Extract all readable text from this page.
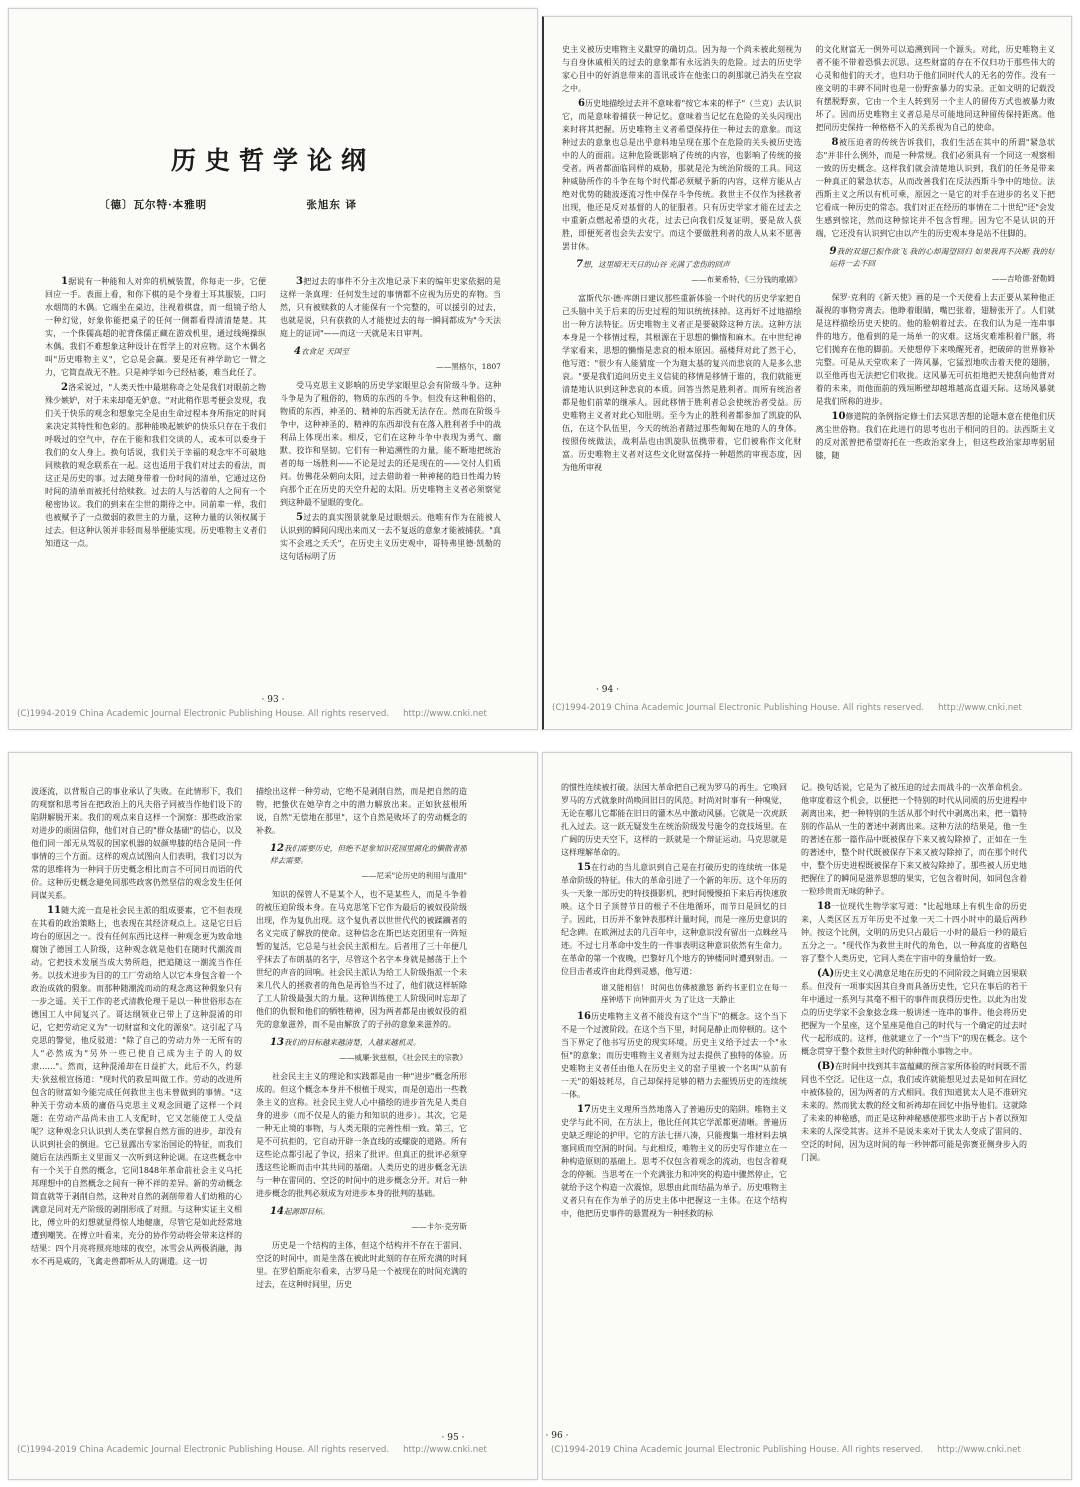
历史哲学论纲
〔德〕瓦尔特·本雅明	张旭东 译

1据说有一种能和人对弈的机械装置，你每走一步，它便回应一手。表面上看，和你下棋的是个身着土耳其服装，口叼水烟筒的木偶。它端坐在桌边，注视着棋盘，而一组镜子给人一种幻觉，好象你能把桌子的任何一侧都看得清清楚楚。其实，一个侏儒高超的驼背侏儒正藏在游戏机里，通过线绳操纵木偶。我们不难想象这种设计在哲学上的对应物。这个木偶名叫"历史唯物主义"，它总是会赢。要是还有神学助它一臂之力，它简直战无不胜。只是神学如今已经枯萎，难当此任了。

2洛采说过，"人类天性中最堪称奇之处是我们对眼前之物殊少嫉妒，对于未来却毫无妒意。"对此稍作思考便会发现，我们关于快乐的观念和想象完全是由生命过程本身所指定的时间来决定其特性和色彩的。那种能唤起嫉妒的快乐只存在于我们呼吸过的空气中，存在于能和我们交谈的人，或本可以委身于我们的女人身上。换句话说，我们关于幸福的观念牢不可破地同赎救的观念联系在一起。这也适用于我们对过去的看法，而这正是历史的事。过去随身带着一份时间的清单，它通过这份时间的清单而被托付给赎救。过去的人与活着的人之间有一个秘密协议。我们的到来在尘世的期待之中。同前辈一样，我们也被赋予了一点微弱的救世主的力量，这种力量的认领权属于过去。但这种认领并非轻而易举便能实现。历史唯物主义者们知道这一点。

3把过去的事件不分主次地记录下来的编年史家依据的是这样一条真理：任何发生过的事情都不应视为历史的弃物。当然，只有被赎救的人才能保有一个完整的，可以援引的过去，也就是说，只有获救的人才能使过去的每一瞬间都成为"今天法庭上的证词"——而这一天就是末日审判。

4衣食足 天国至

——黑格尔，1807

受马克思主义影响的历史学家眼里总会有阶级斗争。这种斗争是为了粗俗的，物质的东西的斗争。但没有这种粗俗的，物质的东西，神圣的、精神的东西就无法存在。然而在阶级斗争中，这种神圣的、精神的东西却没有在落入胜利者手中的战利品上体现出来。相反，它们在这种斗争中表现为勇气、幽默、狡诈和坚韧。它们有一种追溯性的力量，能不断地把统治者的每一场胜利——不论是过去的还是现在的——交付人们质问。仿佛花朵朝向太阳，过去借助着一种神秘的趋日性竭力转向那个正在历史的天空升起的太阳。历史唯物主义者必须察觉到这种最不显眼的变化。

5过去的真实图景就象是过眼烟云。他唯有作为在能被人认识到的瞬间闪现出来而又一去不复返的意象才能被捕获。"真实不会逃之夭夭"，在历史主义历史观中，哥特弗里德·凯勒的这句话标明了历

· 93 ·
(C)1994-2019 China Academic Journal Electronic Publishing House. All rights reserved. http://www.cnki.net

史主义被历史唯物主义戳穿的确切点。因为每一个尚未被此刻视为与自身休戚相关的过去的意象都有永远消失的危险。过去的历史学家心目中的好消息带来的喜讯或许在他张口的刹那就已消失在空寂之中。

6历史地描绘过去并不意味着"按它本来的样子"（兰克）去认识它，而是意味着捕获一种记忆。意味着当记忆在危险的关头闪现出来时将其把握。历史唯物主义者希望保持住一种过去的意象。而这种过去的意象也总是出乎意料地呈现在那个在危险的关头被历史选中的人的面前。这种危险既影响了传统的内容，也影响了传统的接受者。两者都面临同样的威胁，那就是沦为统治阶级的工具。同这种威胁所作的斗争在每个时代都必须赋予新的内容，这样方能从占绝对优势的随波逐流习性中保存斗争传统。救世主不仅作为拯救者出现，他还是反对基督的人的征服者。只有历史学家才能在过去之中重新点燃起希望的火花，过去已向我们反复证明，要是敌人获胜，即便死者也会失去安宁。而这个要做胜利者的敌人从来不愿善罢甘休。

7想，这里暗无天日的山谷 充满了悲伤的回声

——布莱希特，《三分钱的歌剧》

富斯代尔·德·库朗日建议那些重新体验一个时代的历史学家把自己头脑中关于后来的历史过程的知识统统抹掉。这再好不过地描绘出一种方法特征。历史唯物主义者正是要破除这种方法。这种方法本身是一个移情过程，其根源在于思想的懒惰和麻木。在中世纪神学家看来，思想的懒惰是悲哀的根本原因。福楼拜对此了然于心，他写道："很少有人能猜度一个为迦太基的复兴而悲哀的人是多么悲哀。"要是我们追问历史主义信徒的移情是移情于谁的，我们就能更清楚地认识到这种悲哀的本质。回答当然是胜利者。而所有统治者都是他们前辈的继承人。因此移情于胜利者总会使统治者受益。历史唯物主义者对此心知肚明。至今为止的胜利者都参加了凯旋的队伍，在这个队伍里，今天的统治者踏过那些匍匐在地的人的身体。按照传统做法，战利品也由凯旋队伍携带着，它们被称作文化财富。历史唯物主义者对这些文化财富保持一种超然的审视态度，因为他所审视

的文化财富无一例外可以追溯到同一个源头。对此，历史唯物主义者不能不带着恐惧去沉思。这些财富的存在不仅归功于那些伟大的心灵和他们的天才，也归功于他们同时代人的无名的劳作。没有一座文明的丰碑不同时也是一份野蛮暴力的实录。正如文明的记载没有摆脱野蛮，它由一个主人转到另一个主人的留传方式也被暴力败坏了。因而历史唯物主义者总是尽可能地同这种留传保持距离。他把同历史保持一种格格不入的关系视为自己的使命。

8被压迫者的传统告诉我们，我们生活在其中的所谓"紧急状态"并非什么例外，而是一种常规。我们必须具有一个同这一观察相一致的历史概念。这样我们就会清楚地认识到，我们的任务是带来一种真正的紧急状态，从而改善我们在反法西斯斗争中的地位。法西斯主义之所以有机可乘，原因之一是它的对手在进步的名义下把它看成一种历史的常态。我们对正在经历的事情在二十世纪"还"会发生感到惊诧，然而这种惊诧并不包含哲理。因为它不是认识的开端，它还没有认识到它由以产生的历史观本身是站不住脚的。

9我的双翅已振作欲飞 我的心却渴望回归 如果我再不决断 我的好运将一去不回

——吉哈德·舒勒姆

保罗·克利的《新天使》画的是一个天使看上去正要从某种他正凝视的事物旁离去。他睁着眼睛，嘴巴张着，翅膀张开了。人们就是这样描绘历史天使的。他的脸朝着过去。在我们认为是一连串事件的地方，他看到的是一场单一的灾难。这场灾难堆积着尸骸，将它们抛弃在他的脚前。天使想停下来唤醒死者，把破碎的世界修补完整。可是从天堂吹来了一阵风暴，它猛烈地吹击着天使的翅膀，以至他再也无法把它们收拢。这风暴无可抗拒地把天使刮向他背对着的未来，而他面前的残垣断壁却越堆越高直逼天际。这场风暴就是我们所称的进步。

10修道院的条例指定修士们去冥思苦想的论题本意在使他们厌离尘世俗物。我们在此进行的思考也出于相同的目的。法西斯主义的反对派曾把希望寄托在一些政治家身上，但这些政治家却卑躬屈膝，随

· 94 ·
(C)1994-2019 China Academic Journal Electronic Publishing House. All rights reserved. http://www.cnki.net

波逐流，以背叛自己的事业承认了失败。在此情形下，我们的观察和思考旨在把政治上的凡夫俗子同被当作他们设下的陷阱解脱开来。我们的观点来自这样一个洞察：那些政治家对进步的顽固信仰，他们对自己的"群众基础"的信心，以及他们同一部无从驾驭的国家机器的奴颜卑膝的结合是同一件事情的三个方面。这样的观点试图向人们表明，我们习以为常的思维将为一种同于历史概念相比而言不可同日而语的代价。这种历史概念避免同那些政客仍然坚信的观念发生任何同谋关系。

11随大流一直是社会民主派的组成要素，它不但表现在其看的政治策略上，也表现在其经济观点上。这是它日后垮台的原因之一。没有任何东西比这样一种观念更为致命地腐蚀了德国工人阶级，这种观念就是他们在随时代潮流而动。它把技术发展当成大势所趋，把追随这一潮流当作任务。以技术进步为目的的工厂劳动给人以它本身包含着一个政治成就的假象。而那种随潮流而动的观念离这种假象只有一步之遥。关于工作的老式清教伦理于是以一种世俗形态在德国工人中间复兴了。哥达纲领业已带上了这种混淆的印记，它把劳动定义为"一切财富和文化的源泉"。这引起了马克思的警觉，他反驳道："除了自己的劳动力外一无所有的人"必然成为"另外一些已使自己成为主子的人的奴隶……"。然而，这种混淆却在日益扩大，此后不久，约瑟夫·狄兹根宣扬道："现时代的救星叫做工作。劳动的改进所包含的财富如今能完成任何救世主也未曾做到的事情。"这种关于劳动本质的庸俗马克思主义观念回避了这样一个问题：在劳动产品尚未由工人支配时，它又怎能使工人受益呢？这种观念只认识到人类在掌握自然方面的进步，却没有认识到社会的倒退。它已显露出专家治国论的特征，而我们随后在法西斯主义里面又一次听到这种论调。在这些概念中有一个关于自然的概念，它同1848年革命前社会主义乌托邦理想中的自然概念之间有一种不祥的差异。新的劳动概念简直就等于剥削自然，这种对自然的剥削带着人们幼稚的心满意足同对无产阶级的剥削形成了对照。与这种实证主义相比，傅立叶的幻想就显得惊人地健康，尽管它是如此经常地遭到嘲笑。在傅立叶看来，充分的协作劳动将会带来这样的结果：四个月亮将照亮地球的夜空，冰雪会从两极消融，海水不再是咸的，飞禽走兽都听从人的调遣。这一切

描绘出这样一种劳动，它绝不是剥削自然，而是把自然的造物，把蛰伏在她孕育之中的潜力解放出来。正如狄兹根所说，自然"无偿地在那里"，这个自然是败坏了的劳动概念的补救。

12我们需要历史，但绝不是象知识花园里腐化的懒散者那样去需要。

——尼采"论历史的利用与滥用"

知识的保管人不是某个人，也不是某些人，而是斗争着的被压迫阶级本身。在马克思笔下它作为最后的被奴役阶级出现，作为复仇出现。这个复仇者以世世代代的被蹂躏者的名义完成了解放的使命。这种信念在斯巴达克团里有一阵短暂的复活，它总是与社会民主派相左。后者用了三十年便几乎抹去了布朗基的名字，尽管这个名字本身就是撼荡于上个世纪的声音的回响。社会民主派认为给工人阶级指派一个未来几代人的拯救者的角色是再恰当不过了，他们就这样斩除了工人阶级最强大的力量。这种训练使工人阶级同时忘却了他们的仇恨和他们的牺牲精神，因为两者都是由被奴役的祖先的意象滋养，而不是由解放了的子孙的意象来滋养的。

13我们的目标越来越清楚，人越来越机灵。

——威廉·狄兹根，《社会民主的宗教》

社会民主主义的理论和实践都是由一种"进步"概念所形成的。但这个概念本身并不根植于现实，而是创造出一些教条主义的宣称。社会民主党人心中描绘的进步首先是人类自身的进步（而不仅是人的能力和知识的进步）。其次，它是一种无止境的事物，与人类无限的完善性相一致。第三，它是不可抗拒的，它自动开辟一条直线的或螺旋的道路。所有这些论点都引起了争议，招来了批评。但真正的批评必须穿透这些论断而击中其共同的基础。人类历史的进步概念无法与一种在雷同的、空泛的时间中的进步概念分开。对后一种进步概念的批判必须成为对进步本身的批判的基础。

14起源即目标。

——卡尔·克劳斯

历史是一个结构的主体，但这个结构并不存在于雷同、空泛的时间中，而是坐落在被此时此刻的存在所充满的时间里。在罗伯斯庇尔看来，古罗马是一个被现在的时间充满的过去，在这种时间里，历史

· 95 ·
(C)1994-2019 China Academic Journal Electronic Publishing House. All rights reserved. http://www.cnki.net

的惯性连续被打破。法国大革命把自己视为罗马的再生。它唤回罗马的方式就象时尚唤回旧日的风范。时尚对时事有一种嗅觉，无论在哪儿它都能在旧日的灌木丛中激动风骚。它就是一次虎跃扎入过去。这一跃无疑发生在统治阶级发号施令的竞技场里。在广阔的历史天空下，这样的一跃就是一个辩证运动。马克思就是这样理解革命的。

15在行动的当儿意识到自己是在打破历史的连续统一体是革命阶级的特征。伟大的革命引进了一个新的年历。这个年历的头一天象一部历史的特技摄影机，把时间慢慢拍下来后再快速放映。这个日子顶替节日的根子不住地循环，而节日是回忆的日子。因此，日历并不象钟表那样计量时间，而是一座历史意识的纪念碑。在欧洲过去的几百年中，这种意识没有留出一点蛛丝马迹。不过七月革命中发生的一件事表明这种意识依然有生命力。在革命的第一个夜晚，巴黎好几个地方的钟楼同时遭到射击。一位目击者或许由此得到灵感，他写道：

谁又能相信！ 时间也仿佛被激怒 新约书亚们立在每一座钟塔下 向钟面开火 为了让这一天静止

16历史唯物主义者不能没有这个"当下"的概念。这个当下不是一个过渡阶段。在这个当下里，时间是静止而停顿的。这个当下界定了他书写历史的现实环境。历史主义给予过去一个"永恒"的意象；而历史唯物主义者则为过去提供了独特的体验。历史唯物主义者任由他人在历史主义的窑子里被一个名叫"从前有一天"的娼妓耗尽，自己却保持足够的精力去摧毁历史的连续统一体。

17历史主义理所当然地落入了普遍历史的陷阱。唯物主义史学与此不同，在方法上，他比任何其它学派都更清晰。普遍历史缺乏理论的护甲。它的方法七拼八凑，只能搜集一堆材料去填塞同质而空洞的时间。与此相反，唯物主义的历史写作建立在一种构造原则的基础上。思考不仅包含着观念的流动，也包含着观念的停顿。当思考在一个充满张力和冲突的构造中骤然停止，它就给予这个构造一次震惊，思想由此而结晶为单子。历史唯物主义者只有在作为单子的历史主体中把握这一主体。在这个结构中，他把历史事件的悬置视为一种拯救的标

记。换句话说，它是为了被压迫的过去而战斗的一次革命机会。他审度着这个机会，以便把一个特别的时代从同质的历史进程中剥离出来，把一种特别的生活从那个时代中剥离出来，把一篇特别的作品从一生的著述中剥离出来。这种方法的结果是，他一生的著述在那一篇作品中既被保存下来又被勾除掉了，正如在一生的著述中，整个时代既被保存下来又被勾除掉了，而在那个时代中，整个历史进程既被保存下来又被勾除掉了。那些被人历史地把握住了的瞬间是滋养思想的果实，它包含着时间，如同包含着一粒珍贵而无味的种子。

18一位现代生物学家写道："比起地球上有机生命的历史来，人类区区五万年历史不过象一天二十四小时中的最后两秒钟。按这个比例，文明的历史只占最后一小时的最后一秒的最后五分之一。"现代作为救世主时代的角色，以一种高度的省略包容了整个人类历史，它同人类在宇宙中的身量恰好一致。

(A)历史主义心满意足地在历史的不同阶段之间确立因果联系。但没有一项事实因其自身而具备历史性，它只在事后的若干年中通过一系列与其毫不相干的事件而获得历史性。以此为出发点的历史学家不会象捻念珠一般讲述一连串的事件。他会将历史把握为一个星座，这个星座是他自己的时代与一个确定的过去时代一起形成的。这样，他就建立了一个"当下"的现在概念。这个概念贯穿于整个救世主时代的种种微小事物之中。

(B)在时间中找到其丰富蕴藏的预言家所体验的时间既不雷同也不空泛。记住这一点，我们或许就能想见过去是如何在回忆中被体验的，因为两者的方式相同。我们知道犹太人是不准研究未来的。然而犹太教的经文和祈祷却在回忆中指导他们。这就除了未来的神秘感，而正是这种神秘感使那些求助于占卜者以预知未来的人深受其害。这并不是说未来对于犹太人变成了雷同的、空泛的时间，因为这时间的每一秒钟都可能是弥赛亚侧身步入的门洞。

· 96 ·
(C)1994-2019 China Academic Journal Electronic Publishing House. All rights reserved. http://www.cnki.net
